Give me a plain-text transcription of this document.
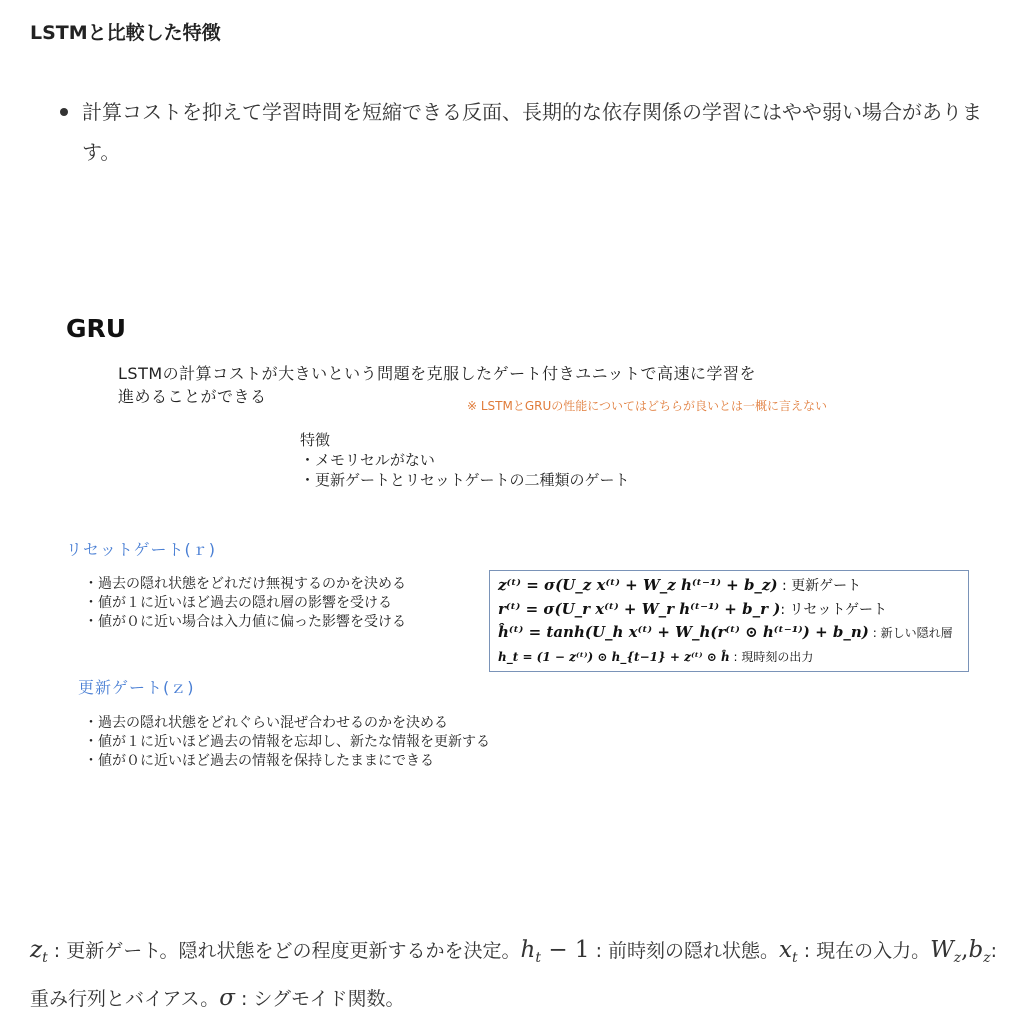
LSTMと比較した特徴
計算コストを抑えて学習時間を短縮できる反面、長期的な依存関係の学習にはやや弱い場合があります。
GRU
LSTMの計算コストが大きいという問題を克服したゲート付きユニットで高速に学習を
進めることができる	※ LSTMとGRUの性能についてはどちらが良いとは一概に言えない
特徴
・メモリセルがない
・更新ゲートとリセットゲートの二種類のゲート
リセットゲート(ｒ)
・過去の隠れ状態をどれだけ無視するのかを決める
・値が１に近いほど過去の隠れ層の影響を受ける
・値が０に近い場合は入力値に偏った影響を受ける
z⁽ᵗ⁾ = σ(U_z x⁽ᵗ⁾ + W_z h⁽ᵗ⁻¹⁾ + b_z) : 更新ゲート
r⁽ᵗ⁾ = σ(U_r x⁽ᵗ⁾ + W_r h⁽ᵗ⁻¹⁾ + b_r ): リセットゲート
ĥ⁽ᵗ⁾ = tanh(U_h x⁽ᵗ⁾ + W_h(r⁽ᵗ⁾ ⊙ h⁽ᵗ⁻¹⁾) + b_n) : 新しい隠れ層
h_t = (1 − z⁽ᵗ⁾) ⊙ h_{t−1} + z⁽ᵗ⁾ ⊙ ĥ : 現時刻の出力
更新ゲート(ｚ)
・過去の隠れ状態をどれぐらい混ぜ合わせるのかを決める
・値が１に近いほど過去の情報を忘却し、新たな情報を更新する
・値が０に近いほど過去の情報を保持したままにできる
$z_t$ : 更新ゲート。隠れ状態をどの程度更新するかを決定。$h_t - 1$ : 前時刻の隠れ状態。$x_t$ : 現在の入力。$W_z,b_z$: 重み行列とバイアス。σ : シグモイド関数。
